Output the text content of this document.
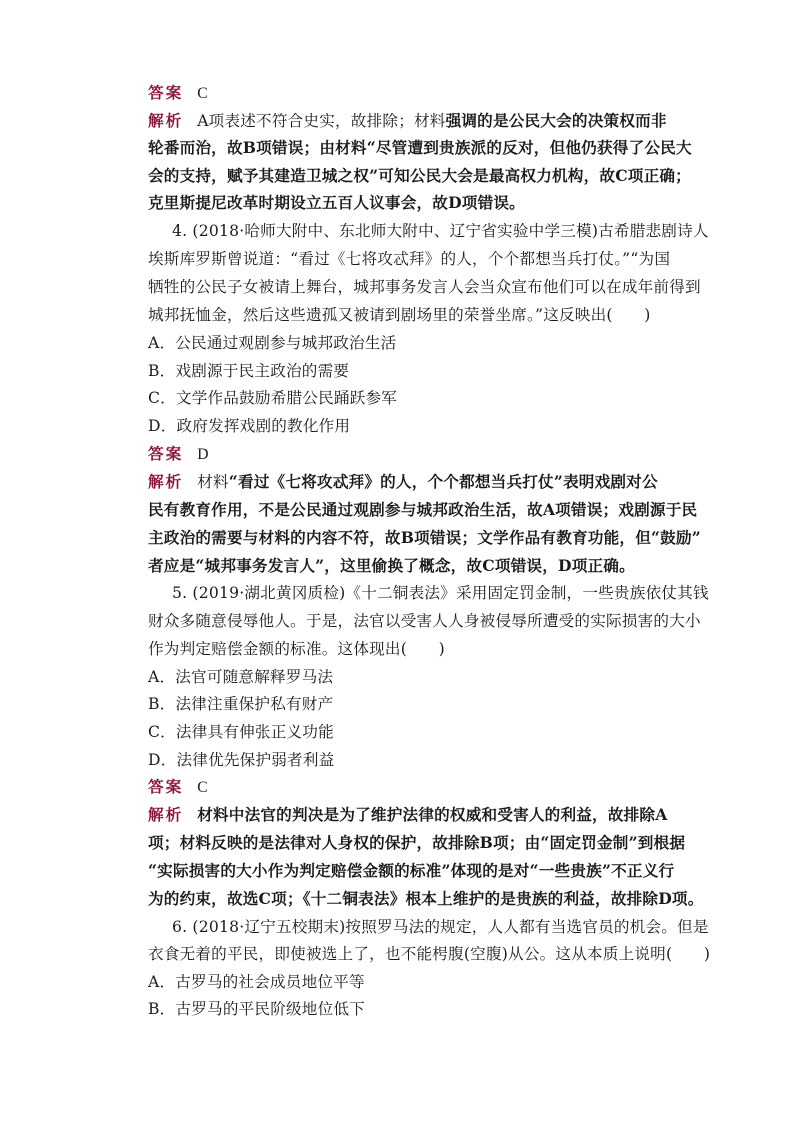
答案 C
解析 A项表述不符合史实，故排除；材料强调的是公民大会的决策权而非
轮番而治，故B项错误；由材料“尽管遭到贵族派的反对，但他仍获得了公民大
会的支持，赋予其建造卫城之权”可知公民大会是最高权力机构，故C项正确；
克里斯提尼改革时期设立五百人议事会，故D项错误。
4. (2018·哈师大附中、东北师大附中、辽宁省实验中学三模)古希腊悲剧诗人
埃斯库罗斯曾说道：“看过《七将攻忒拜》的人，个个都想当兵打仗。”“为国
牺牲的公民子女被请上舞台，城邦事务发言人会当众宣布他们可以在成年前得到
城邦抚恤金，然后这些遗孤又被请到剧场里的荣誉坐席。”这反映出(　　)
A．公民通过观剧参与城邦政治生活
B．戏剧源于民主政治的需要
C．文学作品鼓励希腊公民踊跃参军
D．政府发挥戏剧的教化作用
答案 D
解析 材料“看过《七将攻忒拜》的人，个个都想当兵打仗”表明戏剧对公
民有教育作用，不是公民通过观剧参与城邦政治生活，故A项错误；戏剧源于民
主政治的需要与材料的内容不符，故B项错误；文学作品有教育功能，但“鼓励”
者应是“城邦事务发言人”，这里偷换了概念，故C项错误，D项正确。
5. (2019·湖北黄冈质检)《十二铜表法》采用固定罚金制，一些贵族依仗其钱
财众多随意侵辱他人。于是，法官以受害人人身被侵辱所遭受的实际损害的大小
作为判定赔偿金额的标准。这体现出(　　)
A．法官可随意解释罗马法
B．法律注重保护私有财产
C．法律具有伸张正义功能
D．法律优先保护弱者利益
答案 C
解析 材料中法官的判决是为了维护法律的权威和受害人的利益，故排除A
项；材料反映的是法律对人身权的保护，故排除B项；由“固定罚金制”到根据
“实际损害的大小作为判定赔偿金额的标准”体现的是对“一些贵族”不正义行
为的约束，故选C项；《十二铜表法》根本上维护的是贵族的利益，故排除D项。
6. (2018·辽宁五校期末)按照罗马法的规定，人人都有当选官员的机会。但是
衣食无着的平民，即使被选上了，也不能枵腹(空腹)从公。这从本质上说明(　　)
A．古罗马的社会成员地位平等
B．古罗马的平民阶级地位低下
